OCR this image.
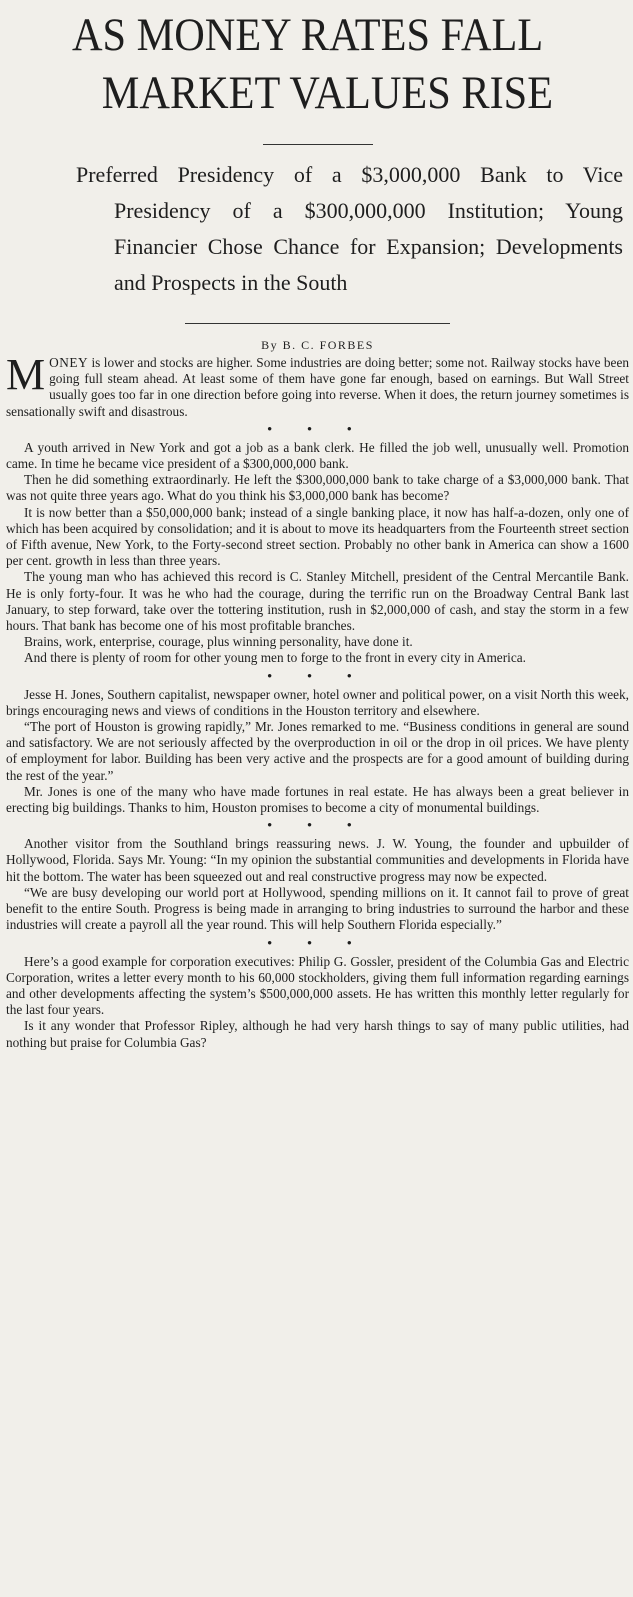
AS MONEY RATES FALL
MARKET VALUES RISE
Preferred Presidency of a $3,000,000 Bank to Vice Presidency of a $300,000,000 Institution; Young Financier Chose Chance for Expansion; Developments and Prospects in the South
By B. C. FORBES

MONEY is lower and stocks are higher. Some industries are doing better; some not. Railway stocks have been going full steam ahead. At least some of them have gone far enough, based on earnings. But Wall Street usually goes too far in one direction before going into reverse. When it does, the return journey sometimes is sensationally swift and disastrous.

• • •

A youth arrived in New York and got a job as a bank clerk. He filled the job well, unusually well. Promotion came. In time he became vice president of a $300,000,000 bank.

Then he did something extraordinarly. He left the $300,000,000 bank to take charge of a $3,000,000 bank. That was not quite three years ago. What do you think his $3,000,000 bank has become?

It is now better than a $50,000,000 bank; instead of a single banking place, it now has half-a-dozen, only one of which has been acquired by consolidation; and it is about to move its headquarters from the Fourteenth street section of Fifth avenue, New York, to the Forty-second street section. Probably no other bank in America can show a 1600 per cent. growth in less than three years.

The young man who has achieved this record is C. Stanley Mitchell, president of the Central Mercantile Bank. He is only forty-four. It was he who had the courage, during the terrific run on the Broadway Central Bank last January, to step forward, take over the tottering institution, rush in $2,000,000 of cash, and stay the storm in a few hours. That bank has become one of his most profitable branches.

Brains, work, enterprise, courage, plus winning personality, have done it.

And there is plenty of room for other young men to forge to the front in every city in America.

• • •

Jesse H. Jones, Southern capitalist, newspaper owner, hotel owner and political power, on a visit North this week, brings encouraging news and views of conditions in the Houston territory and elsewhere.

“The port of Houston is growing rapidly,” Mr. Jones remarked to me. “Business conditions in general are sound and satisfactory. We are not seriously affected by the overproduction in oil or the drop in oil prices. We have plenty of employment for labor. Building has been very active and the prospects are for a good amount of building during the rest of the year.”

Mr. Jones is one of the many who have made fortunes in real estate. He has always been a great believer in erecting big buildings. Thanks to him, Houston promises to become a city of monumental buildings.

• • •

Another visitor from the Southland brings reassuring news. J. W. Young, the founder and upbuilder of Hollywood, Florida. Says Mr. Young: “In my opinion the substantial communities and developments in Florida have hit the bottom. The water has been squeezed out and real constructive progress may now be expected.

“We are busy developing our world port at Hollywood, spending millions on it. It cannot fail to prove of great benefit to the entire South. Progress is being made in arranging to bring industries to surround the harbor and these industries will create a payroll all the year round. This will help Southern Florida especially.”

• • •

Here’s a good example for corporation executives: Philip G. Gossler, president of the Columbia Gas and Electric Corporation, writes a letter every month to his 60,000 stockholders, giving them full information regarding earnings and other developments affecting the system’s $500,000,000 assets. He has written this monthly letter regularly for the last four years.

Is it any wonder that Professor Ripley, although he had very harsh things to say of many public utilities, had nothing but praise for Columbia Gas?
